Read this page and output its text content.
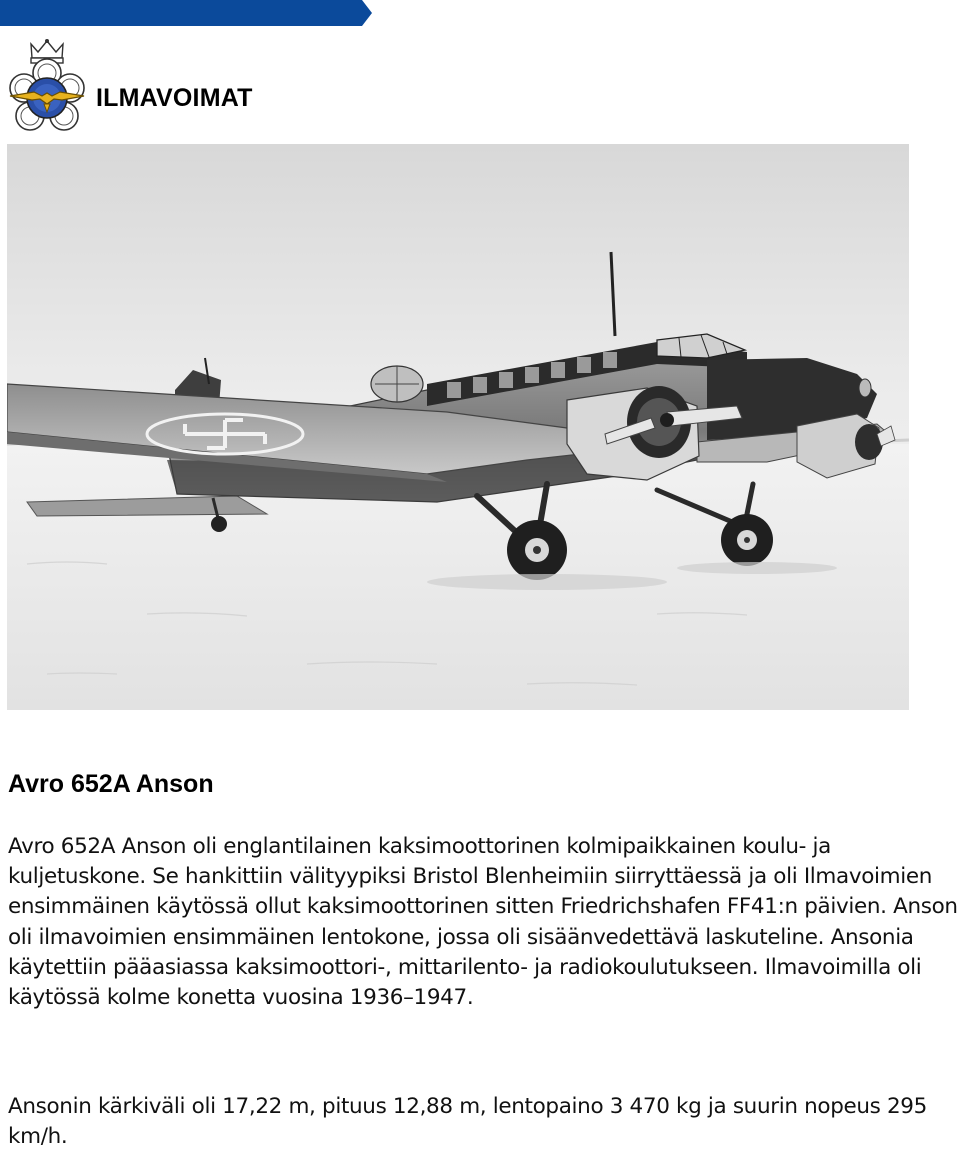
ILMAVOIMAT
Avro 652A Anson

Avro 652A Anson oli englantilainen kaksimoottorinen kolmipaikkainen koulu- ja kuljetuskone. Se hankittiin välityypiksi Bristol Blenheimiin siirryttäessä ja oli Ilmavoimien ensimmäinen käytössä ollut kaksimoottorinen sitten Friedrichshafen FF41:n päivien. Anson oli ilmavoimien ensimmäinen lentokone, jossa oli sisäänvedettävä laskuteline. Ansonia käytettiin pääasiassa kaksimoottori-, mittarilento- ja radiokoulutukseen. Ilmavoimilla oli käytössä kolme konetta vuosina 1936–1947.

Ansonin kärkiväli oli 17,22 m, pituus 12,88 m, lentopaino 3 470 kg ja suurin nopeus 295 km/h.
